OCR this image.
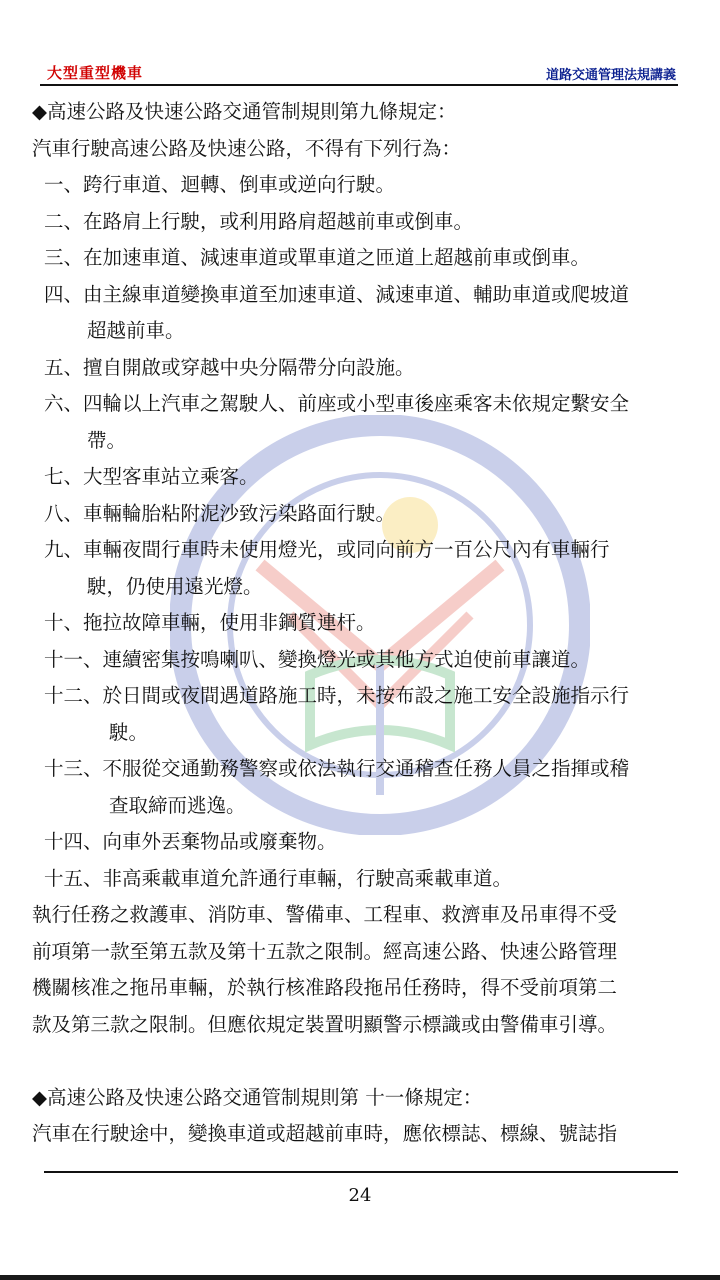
大型重型機車	道路交通管理法規講義
◆高速公路及快速公路交通管制規則第九條規定：
汽車行駛高速公路及快速公路，不得有下列行為：
一、跨行車道、迴轉、倒車或逆向行駛。
二、在路肩上行駛，或利用路肩超越前車或倒車。
三、在加速車道、減速車道或單車道之匝道上超越前車或倒車。
四、由主線車道變換車道至加速車道、減速車道、輔助車道或爬坡道
超越前車。
五、擅自開啟或穿越中央分隔帶分向設施。
六、四輪以上汽車之駕駛人、前座或小型車後座乘客未依規定繫安全
帶。
七、大型客車站立乘客。
八、車輛輪胎粘附泥沙致污染路面行駛。
九、車輛夜間行車時未使用燈光，或同向前方一百公尺內有車輛行
駛，仍使用遠光燈。
十、拖拉故障車輛，使用非鋼質連杆。
十一、連續密集按鳴喇叭、變換燈光或其他方式迫使前車讓道。
十二、於日間或夜間遇道路施工時，未按布設之施工安全設施指示行
駛。
十三、不服從交通勤務警察或依法執行交通稽查任務人員之指揮或稽
查取締而逃逸。
十四、向車外丟棄物品或廢棄物。
十五、非高乘載車道允許通行車輛，行駛高乘載車道。
執行任務之救護車、消防車、警備車、工程車、救濟車及吊車得不受
前項第一款至第五款及第十五款之限制。經高速公路、快速公路管理
機關核准之拖吊車輛，於執行核准路段拖吊任務時，得不受前項第二
款及第三款之限制。但應依規定裝置明顯警示標識或由警備車引導。
◆高速公路及快速公路交通管制規則第 十一條規定：
汽車在行駛途中，變換車道或超越前車時，應依標誌、標線、號誌指
24
